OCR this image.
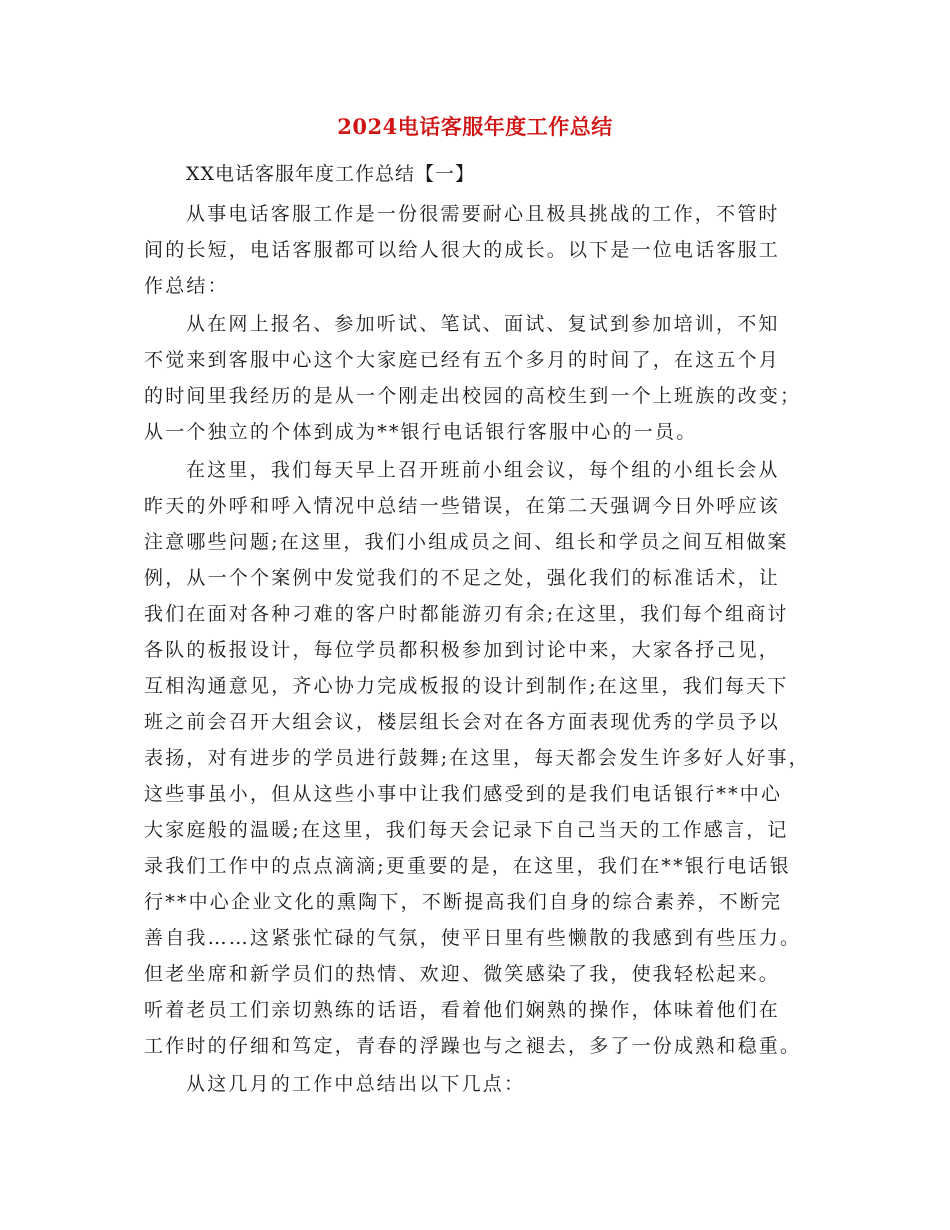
2024电话客服年度工作总结
XX电话客服年度工作总结【一】
从事电话客服工作是一份很需要耐心且极具挑战的工作，不管时
间的长短，电话客服都可以给人很大的成长。以下是一位电话客服工
作总结：
从在网上报名、参加听试、笔试、面试、复试到参加培训，不知
不觉来到客服中心这个大家庭已经有五个多月的时间了，在这五个月
的时间里我经历的是从一个刚走出校园的高校生到一个上班族的改变；
从一个独立的个体到成为**银行电话银行客服中心的一员。
在这里，我们每天早上召开班前小组会议，每个组的小组长会从
昨天的外呼和呼入情况中总结一些错误，在第二天强调今日外呼应该
注意哪些问题;在这里，我们小组成员之间、组长和学员之间互相做案
例，从一个个案例中发觉我们的不足之处，强化我们的标准话术，让
我们在面对各种刁难的客户时都能游刃有余;在这里，我们每个组商讨
各队的板报设计，每位学员都积极参加到讨论中来，大家各抒己见，
互相沟通意见，齐心协力完成板报的设计到制作;在这里，我们每天下
班之前会召开大组会议，楼层组长会对在各方面表现优秀的学员予以
表扬，对有进步的学员进行鼓舞;在这里，每天都会发生许多好人好事，
这些事虽小，但从这些小事中让我们感受到的是我们电话银行**中心
大家庭般的温暖;在这里，我们每天会记录下自己当天的工作感言，记
录我们工作中的点点滴滴;更重要的是，在这里，我们在**银行电话银
行**中心企业文化的熏陶下，不断提高我们自身的综合素养，不断完
善自我……这紧张忙碌的气氛，使平日里有些懒散的我感到有些压力。
但老坐席和新学员们的热情、欢迎、微笑感染了我，使我轻松起来。
听着老员工们亲切熟练的话语，看着他们娴熟的操作，体味着他们在
工作时的仔细和笃定，青春的浮躁也与之褪去，多了一份成熟和稳重。
从这几月的工作中总结出以下几点：
